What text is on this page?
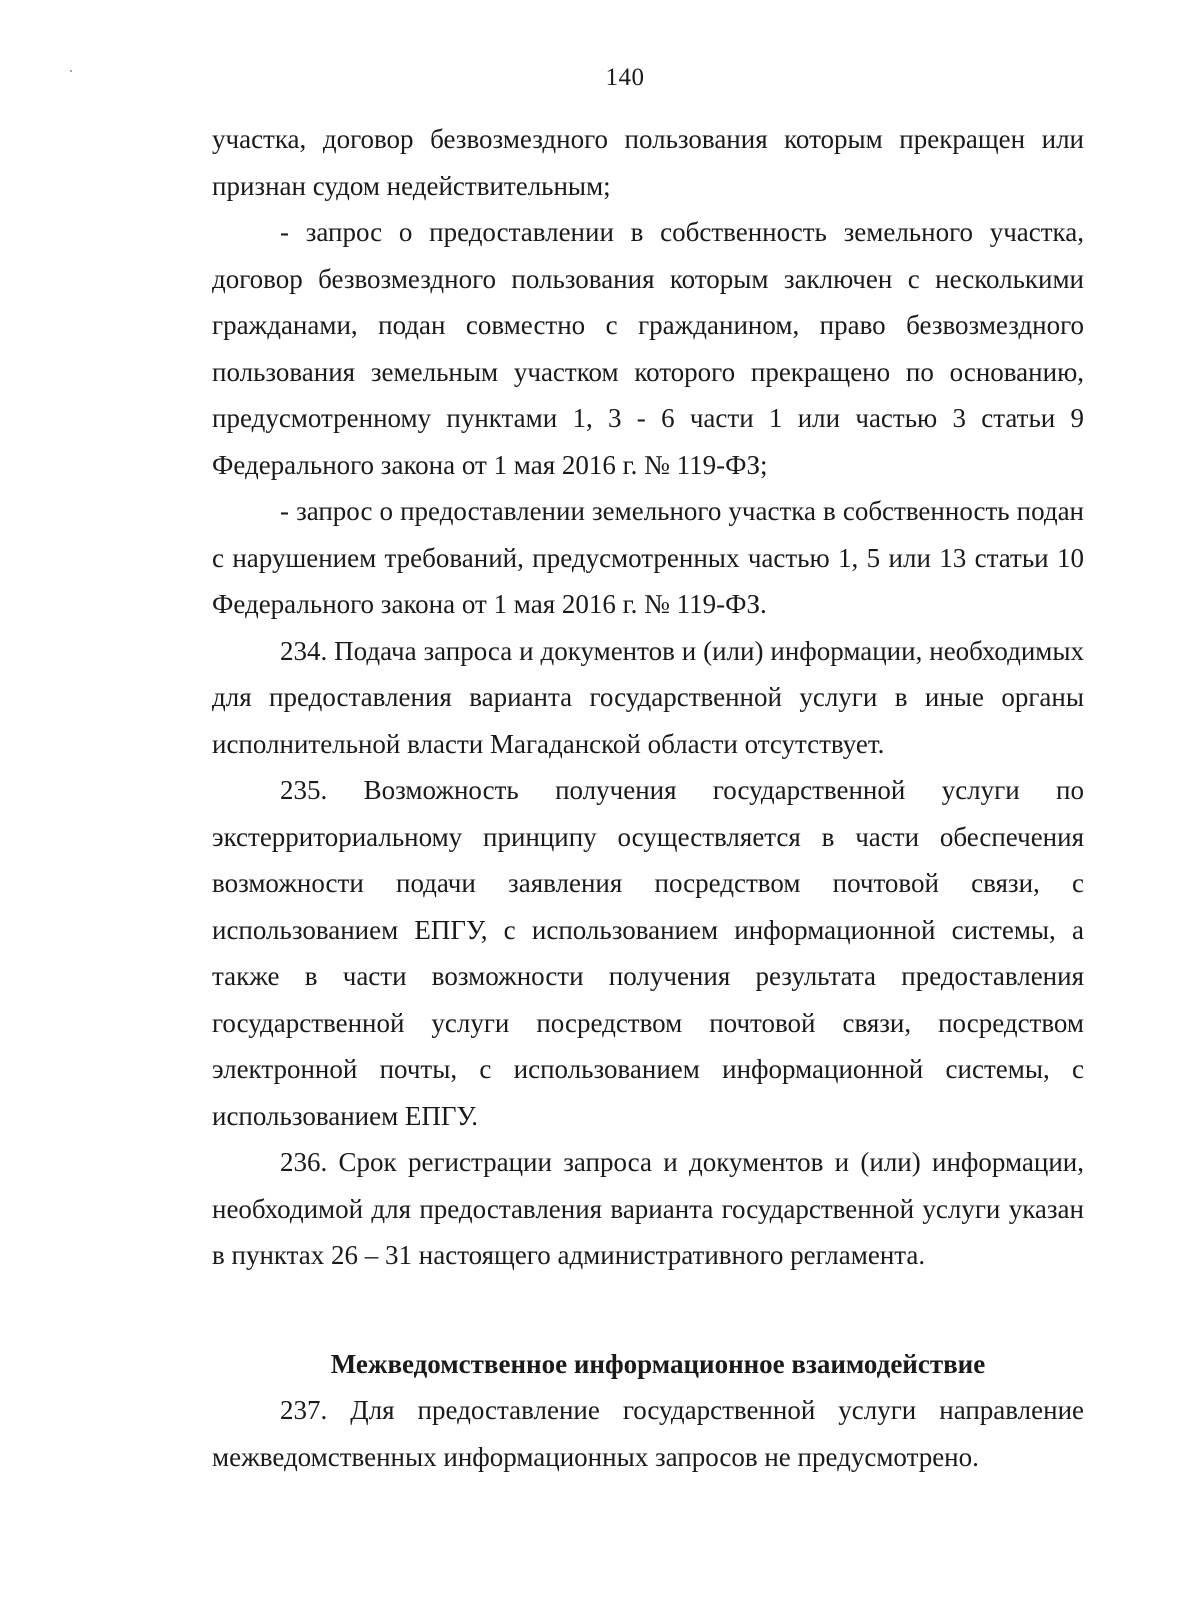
140

участка, договор безвозмездного пользования которым прекращен или признан судом недействительным;

- запрос о предоставлении в собственность земельного участка, договор безвозмездного пользования которым заключен с несколькими гражданами, подан совместно с гражданином, право безвозмездного пользования земельным участком которого прекращено по основанию, предусмотренному пунктами 1, 3 - 6 части 1 или частью 3 статьи 9 Федерального закона от 1 мая 2016 г. № 119-ФЗ;

- запрос о предоставлении земельного участка в собственность подан с нарушением требований, предусмотренных частью 1, 5 или 13 статьи 10 Федерального закона от 1 мая 2016 г. № 119-ФЗ.

234. Подача запроса и документов и (или) информации, необходимых для предоставления варианта государственной услуги в иные органы исполнительной власти Магаданской области отсутствует.

235. Возможность получения государственной услуги по экстерриториальному принципу осуществляется в части обеспечения возможности подачи заявления посредством почтовой связи, с использованием ЕПГУ, с использованием информационной системы, а также в части возможности получения результата предоставления государственной услуги посредством почтовой связи, посредством электронной почты, с использованием информационной системы, с использованием ЕПГУ.

236. Срок регистрации запроса и документов и (или) информации, необходимой для предоставления варианта государственной услуги указан в пунктах 26 – 31 настоящего административного регламента.

Межведомственное информационное взаимодействие

237. Для предоставление государственной услуги направление межведомственных информационных запросов не предусмотрено.
